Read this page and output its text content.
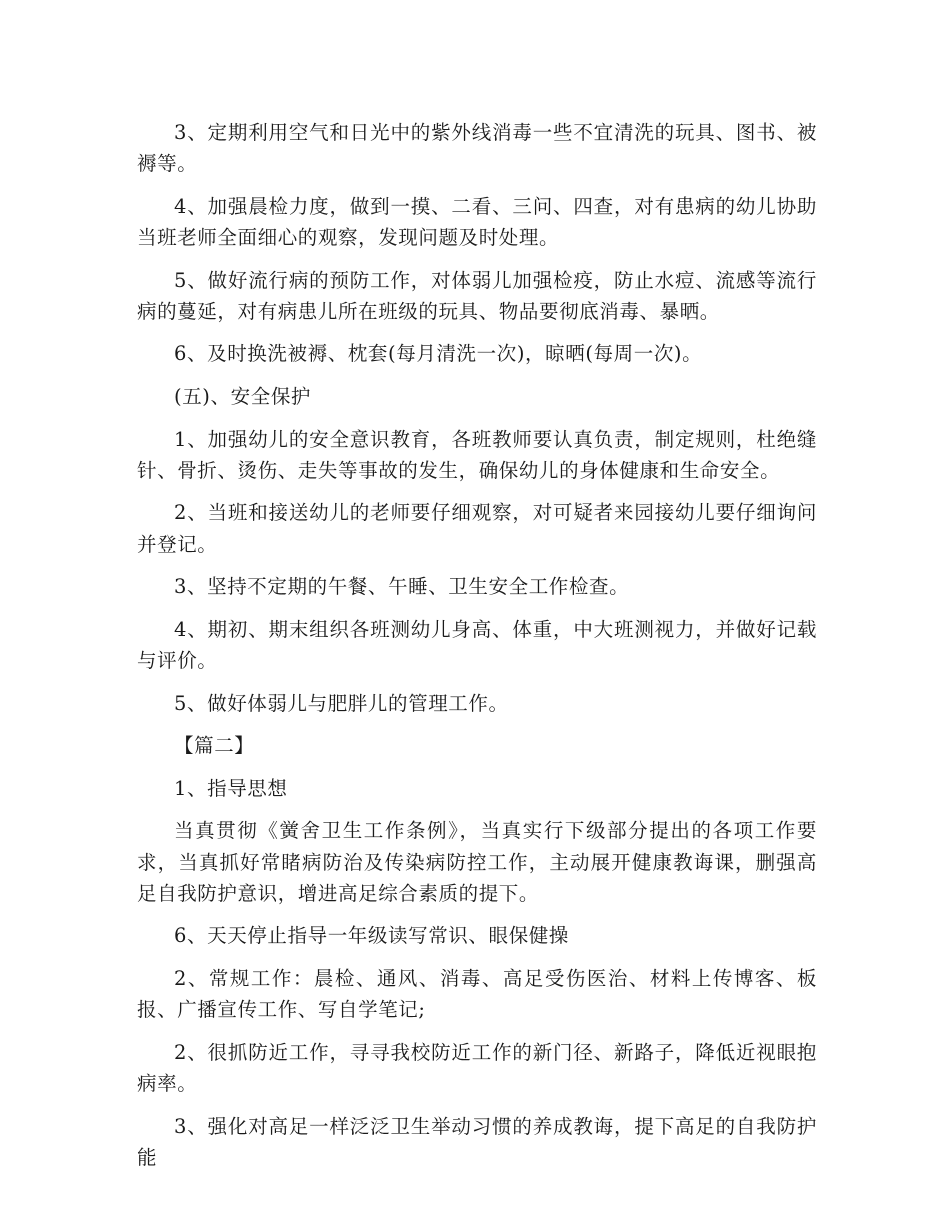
3、定期利用空气和日光中的紫外线消毒一些不宜清洗的玩具、图书、被褥等。

4、加强晨检力度，做到一摸、二看、三问、四查，对有患病的幼儿协助当班老师全面细心的观察，发现问题及时处理。

5、做好流行病的预防工作，对体弱儿加强检疫，防止水痘、流感等流行病的蔓延，对有病患儿所在班级的玩具、物品要彻底消毒、暴晒。

6、及时换洗被褥、枕套(每月清洗一次)，晾晒(每周一次)。

(五)、安全保护

1、加强幼儿的安全意识教育，各班教师要认真负责，制定规则，杜绝缝针、骨折、烫伤、走失等事故的发生，确保幼儿的身体健康和生命安全。

2、当班和接送幼儿的老师要仔细观察，对可疑者来园接幼儿要仔细询问并登记。

3、坚持不定期的午餐、午睡、卫生安全工作检查。

4、期初、期末组织各班测幼儿身高、体重，中大班测视力，并做好记载与评价。

5、做好体弱儿与肥胖儿的管理工作。

【篇二】

1、指导思想

当真贯彻《黉舍卫生工作条例》，当真实行下级部分提出的各项工作要求，当真抓好常睹病防治及传染病防控工作，主动展开健康教诲课，删强高足自我防护意识，增进高足综合素质的提下。

6、天天停止指导一年级读写常识、眼保健操

2、常规工作：晨检、通风、消毒、高足受伤医治、材料上传博客、板报、广播宣传工作、写自学笔记;

2、很抓防近工作，寻寻我校防近工作的新门径、新路子，降低近视眼抱病率。

3、强化对高足一样泛泛卫生举动习惯的养成教诲，提下高足的自我防护能
